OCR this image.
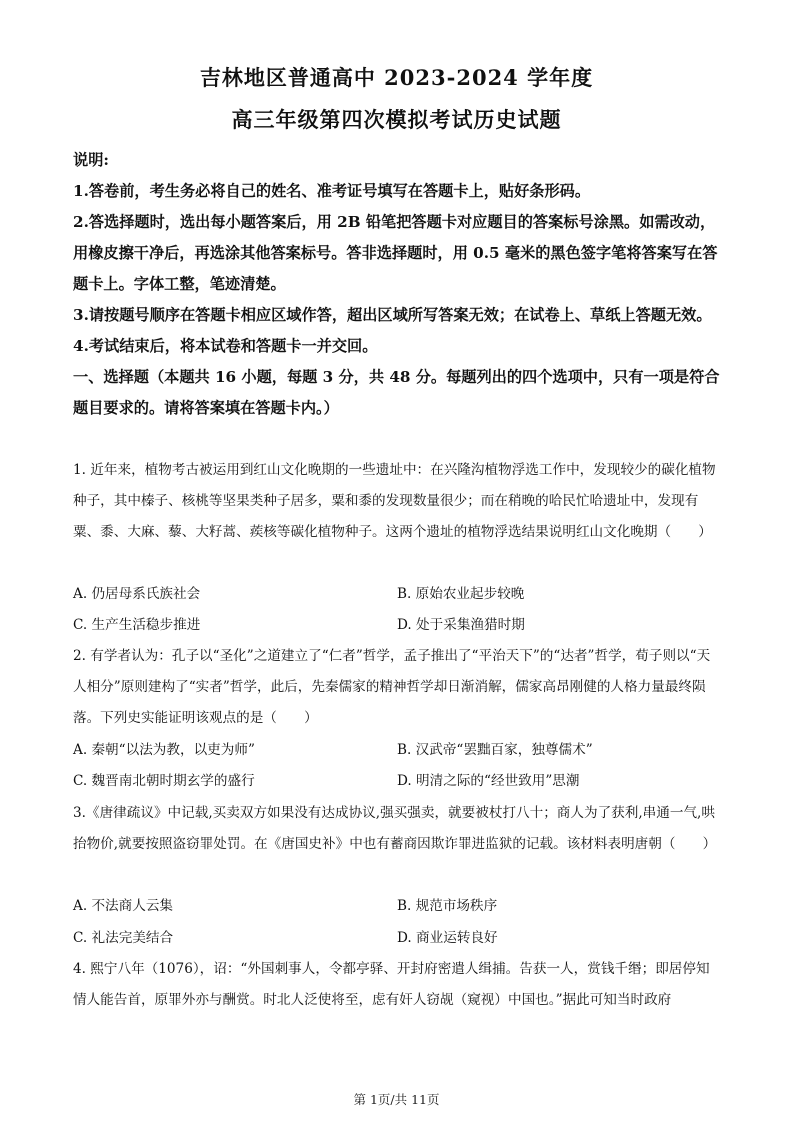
吉林地区普通高中 2023-2024 学年度
高三年级第四次模拟考试历史试题

说明:

1.答卷前，考生务必将自己的姓名、准考证号填写在答题卡上，贴好条形码。

2.答选择题时，选出每小题答案后，用 2B 铅笔把答题卡对应题目的答案标号涂黑。如需改动，用橡皮擦干净后，再选涂其他答案标号。答非选择题时，用 0.5 毫米的黑色签字笔将答案写在答题卡上。字体工整，笔迹清楚。

3.请按题号顺序在答题卡相应区域作答，超出区域所写答案无效；在试卷上、草纸上答题无效。

4.考试结束后，将本试卷和答题卡一并交回。

一、选择题（本题共 16 小题，每题 3 分，共 48 分。每题列出的四个选项中，只有一项是符合题目要求的。请将答案填在答题卡内。）

1. 近年来，植物考古被运用到红山文化晚期的一些遗址中：在兴隆沟植物浮选工作中，发现较少的碳化植物种子，其中榛子、核桃等坚果类种子居多，粟和黍的发现数量很少；而在稍晚的哈民忙哈遗址中，发现有粟、黍、大麻、藜、大籽蒿、蒺核等碳化植物种子。这两个遗址的植物浮选结果说明红山文化晚期（　　）

A. 仍居母系氏族社会	B. 原始农业起步较晚
C. 生产生活稳步推进	D. 处于采集渔猎时期

2. 有学者认为：孔子以“圣化”之道建立了“仁者”哲学，孟子推出了“平治天下”的“达者”哲学，荀子则以“天人相分”原则建构了“实者”哲学，此后，先秦儒家的精神哲学却日渐消解，儒家高昂刚健的人格力量最终陨落。下列史实能证明该观点的是（　　）

A. 秦朝“以法为教，以吏为师”	B. 汉武帝“罢黜百家，独尊儒术”
C. 魏晋南北朝时期玄学的盛行	D. 明清之际的“经世致用”思潮

3.《唐律疏议》中记载,买卖双方如果没有达成协议,强买强卖，就要被杖打八十；商人为了获利,串通一气,哄抬物价,就要按照盗窃罪处罚。在《唐国史补》中也有蓄商因欺诈罪进监狱的记载。该材料表明唐朝（　　）

A. 不法商人云集	B. 规范市场秩序
C. 礼法完美结合	D. 商业运转良好

4. 熙宁八年（1076），诏：“外国刺事人，令都亭驿、开封府密遣人缉捕。告获一人，赏钱千缗；即居停知情人能告首，原罪外亦与酬赏。时北人泛使将至，虑有奸人窃觇（窥视）中国也。”据此可知当时政府

第 1页/共 11页
